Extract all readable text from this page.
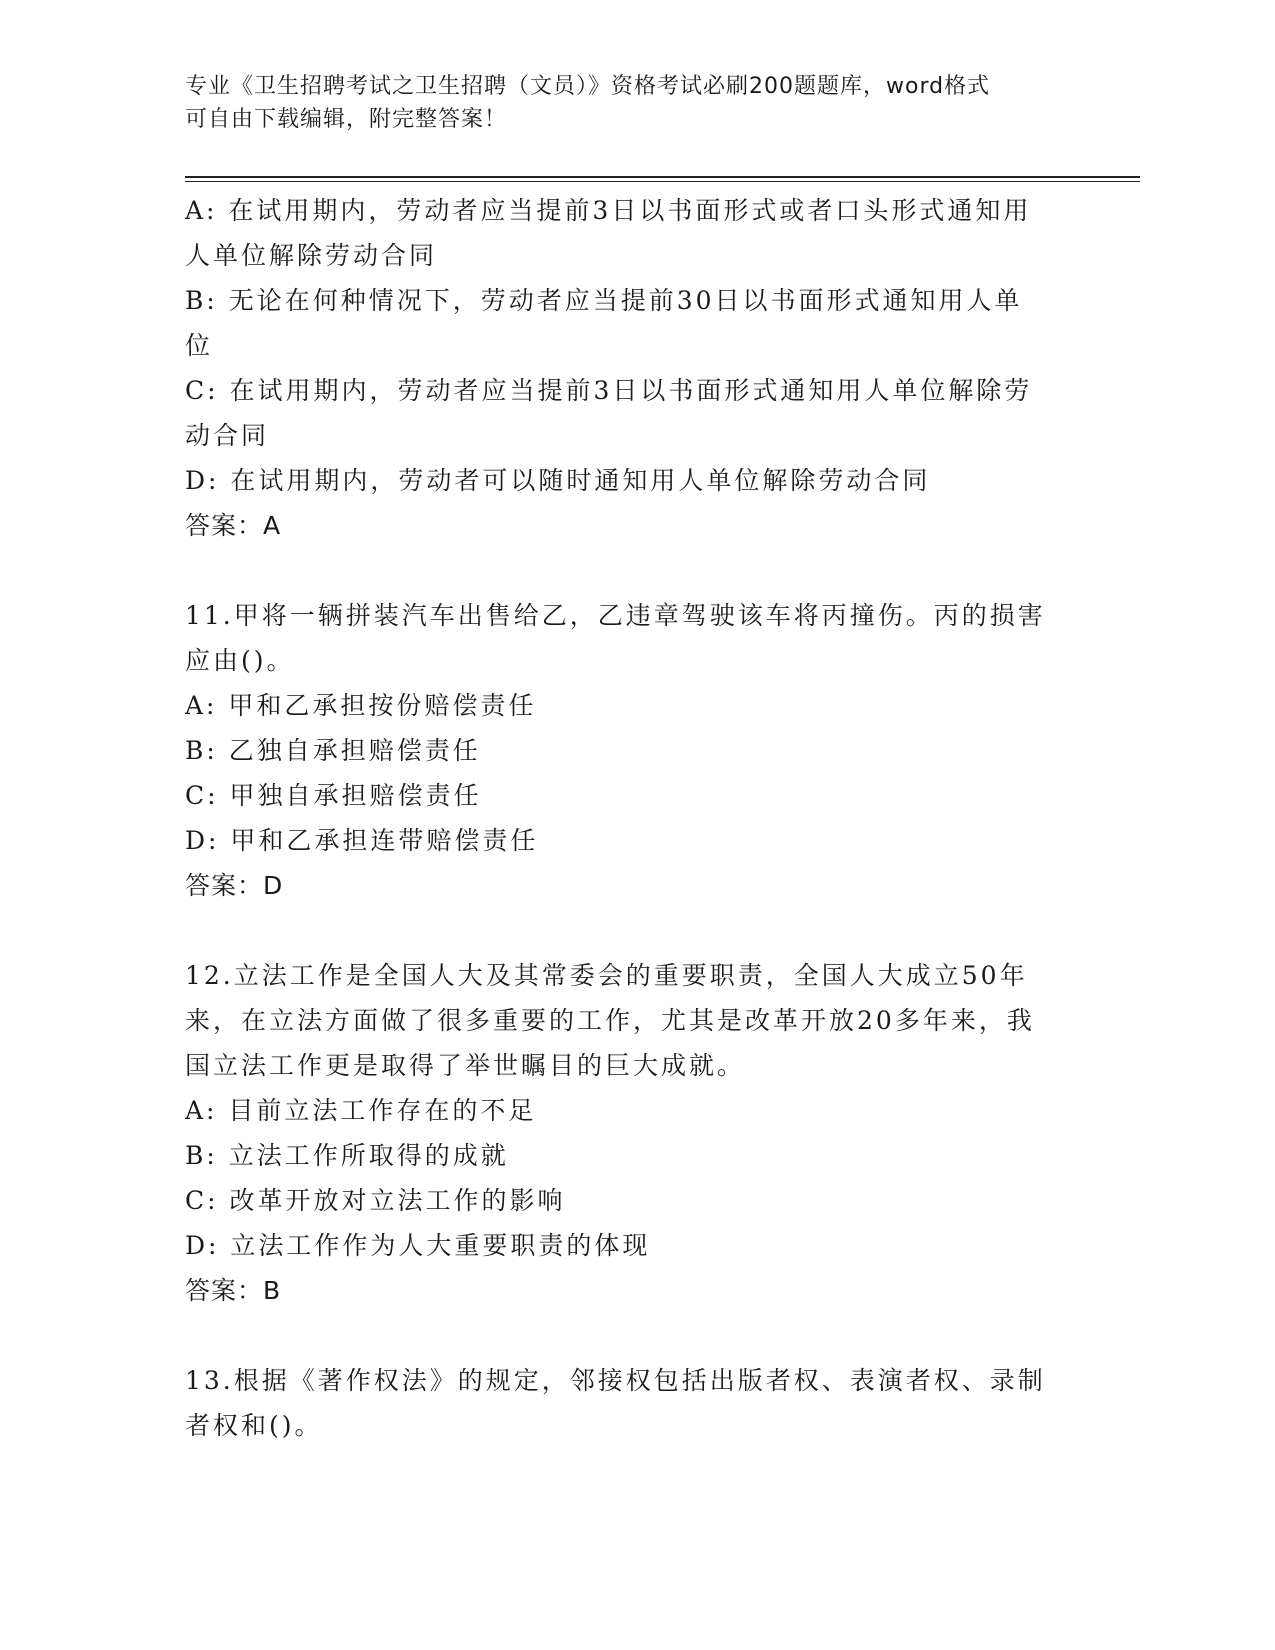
专业《卫生招聘考试之卫生招聘（文员）》资格考试必刷200题题库，word格式
可自由下载编辑，附完整答案！
A: 在试用期内，劳动者应当提前3日以书面形式或者口头形式通知用
人单位解除劳动合同
B: 无论在何种情况下，劳动者应当提前30日以书面形式通知用人单
位
C: 在试用期内，劳动者应当提前3日以书面形式通知用人单位解除劳
动合同
D: 在试用期内，劳动者可以随时通知用人单位解除劳动合同
答案：A
11.甲将一辆拼装汽车出售给乙，乙违章驾驶该车将丙撞伤。丙的损害
应由()。
A: 甲和乙承担按份赔偿责任
B: 乙独自承担赔偿责任
C: 甲独自承担赔偿责任
D: 甲和乙承担连带赔偿责任
答案：D
12.立法工作是全国人大及其常委会的重要职责，全国人大成立50年
来，在立法方面做了很多重要的工作，尤其是改革开放20多年来，我
国立法工作更是取得了举世瞩目的巨大成就。
A: 目前立法工作存在的不足
B: 立法工作所取得的成就
C: 改革开放对立法工作的影响
D: 立法工作作为人大重要职责的体现
答案：B
13.根据《著作权法》的规定，邻接权包括出版者权、表演者权、录制
者权和()。
